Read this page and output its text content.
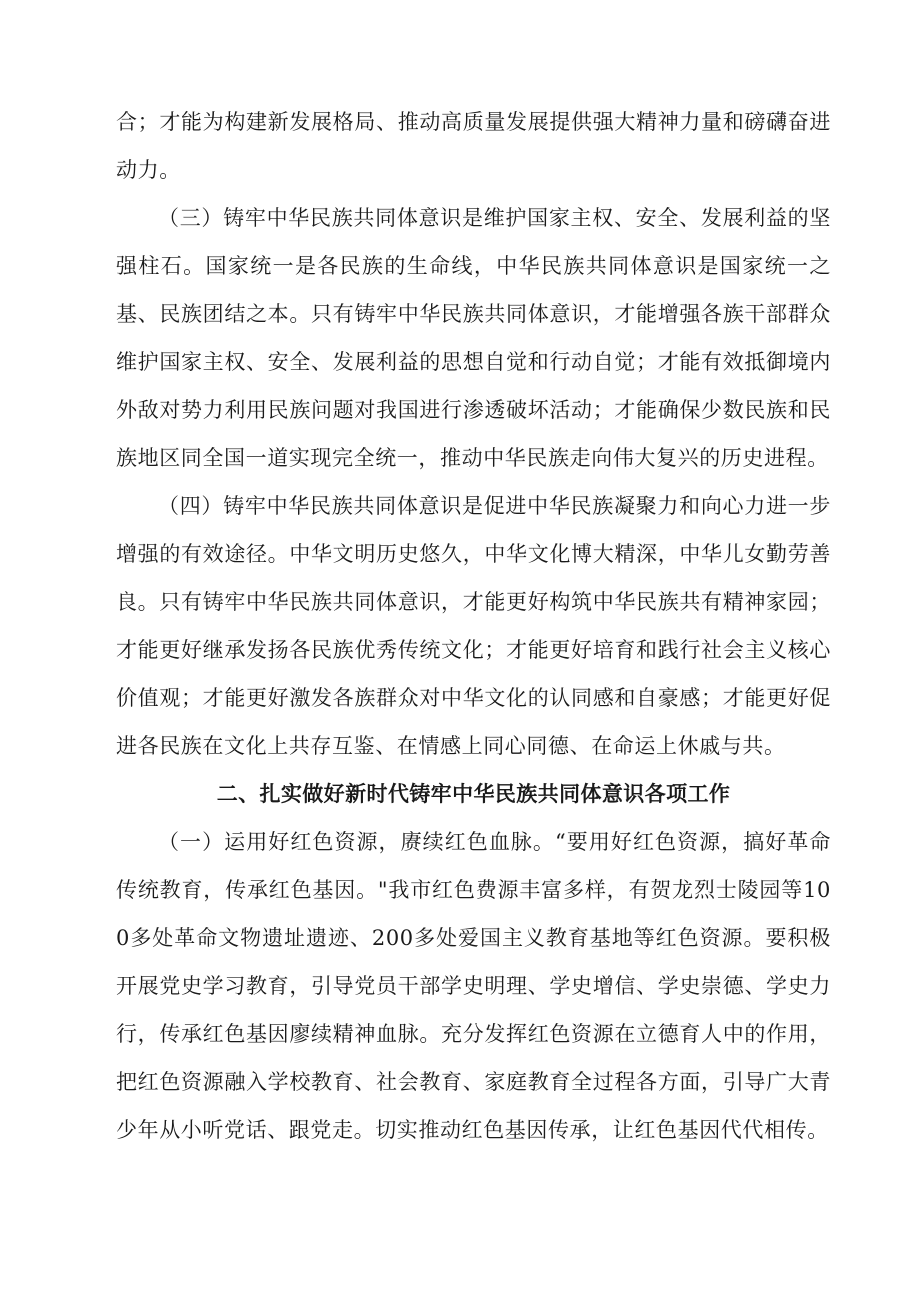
合；才能为构建新发展格局、推动高质量发展提供强大精神力量和磅礴奋进动力。

（三）铸牢中华民族共同体意识是维护国家主权、安全、发展利益的坚强柱石。国家统一是各民族的生命线，中华民族共同体意识是国家统一之基、民族团结之本。只有铸牢中华民族共同体意识，才能增强各族干部群众维护国家主权、安全、发展利益的思想自觉和行动自觉；才能有效抵御境内外敌对势力利用民族问题对我国进行渗透破坏活动；才能确保少数民族和民族地区同全国一道实现完全统一，推动中华民族走向伟大复兴的历史进程。

（四）铸牢中华民族共同体意识是促进中华民族凝聚力和向心力进一步增强的有效途径。中华文明历史悠久，中华文化博大精深，中华儿女勤劳善良。只有铸牢中华民族共同体意识，才能更好构筑中华民族共有精神家园；才能更好继承发扬各民族优秀传统文化；才能更好培育和践行社会主义核心价值观；才能更好激发各族群众对中华文化的认同感和自豪感；才能更好促进各民族在文化上共存互鉴、在情感上同心同德、在命运上休戚与共。

二、扎实做好新时代铸牢中华民族共同体意识各项工作

（一）运用好红色资源，赓续红色血脉。“要用好红色资源，搞好革命传统教育，传承红色基因。"我市红色费源丰富多样，有贺龙烈士陵园等100多处革命文物遗址遗迹、200多处爱国主义教育基地等红色资源。要积极开展党史学习教育，引导党员干部学史明理、学史增信、学史崇德、学史力行，传承红色基因廖续精神血脉。充分发挥红色资源在立德育人中的作用，把红色资源融入学校教育、社会教育、家庭教育全过程各方面，引导广大青少年从小听党话、跟党走。切实推动红色基因传承，让红色基因代代相传。
